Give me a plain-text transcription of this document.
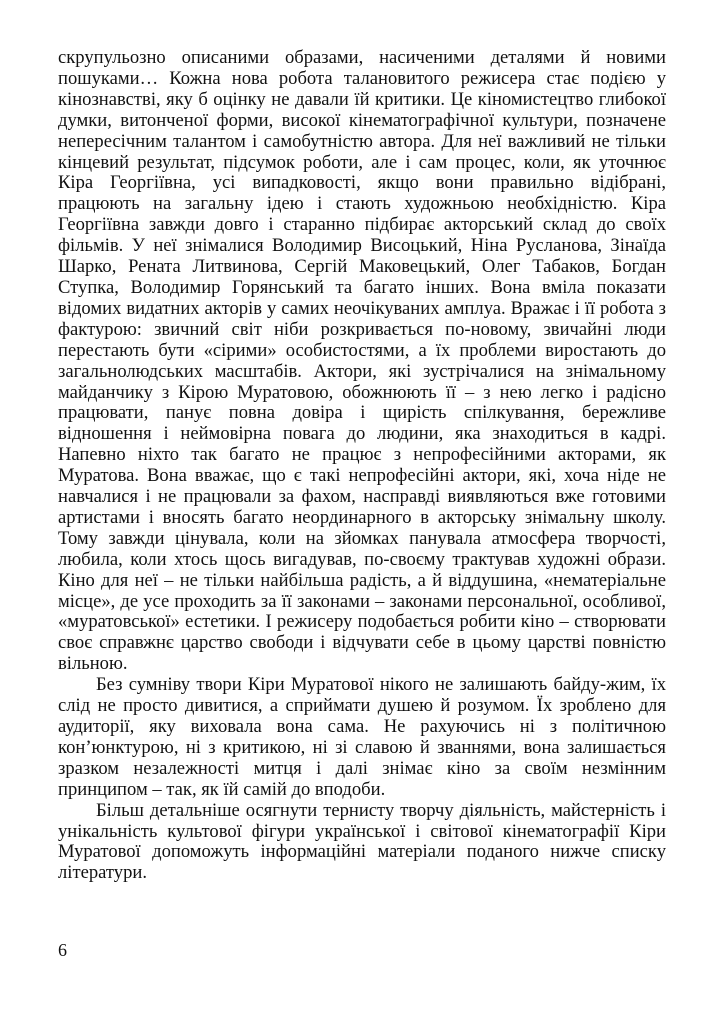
скрупульозно описаними образами, насиченими деталями й новими пошуками… Кожна нова робота талановитого режисера стає подією у кінознавстві, яку б оцінку не давали їй критики. Це кіномистецтво глибокої думки, витонченої форми, високої кінематографічної культури, позначене непересічним талантом і самобутністю автора. Для неї важливий не тільки кінцевий результат, підсумок роботи, але і сам процес, коли, як уточнює Кіра Георгіївна, усі випадковості, якщо вони правильно відібрані, працюють на загальну ідею і стають художньою необхідністю. Кіра Георгіївна завжди довго і старанно підбирає акторський склад до своїх фільмів. У неї знімалися Володимир Висоцький, Ніна Русланова, Зінаїда Шарко, Рената Литвинова, Сергій Маковецький, Олег Табаков, Богдан Ступка, Володимир Горянський та багато інших. Вона вміла показати відомих видатних акторів у самих неочікуваних амплуа. Вражає і її робота з фактурою: звичний світ ніби розкривається по-новому, звичайні люди перестають бути «сірими» особистостями, а їх проблеми виростають до загальнолюдських масштабів. Актори, які зустрічалися на знімальному майданчику з Кірою Муратовою, обожнюють її – з нею легко і радісно працювати, панує повна довіра і щирість спілкування, бережливе відношення і неймовірна повага до людини, яка знаходиться в кадрі. Напевно ніхто так багато не працює з непрофесійними акторами, як Муратова. Вона вважає, що є такі непрофесійні актори, які, хоча ніде не навчалися і не працювали за фахом, насправді виявляються вже готовими артистами і вносять багато неординарного в акторську знімальну школу. Тому завжди цінувала, коли на зйомках панувала атмосфера творчості, любила, коли хтось щось вигадував, по-своєму трактував художні образи. Кіно для неї – не тільки найбільша радість, а й віддушина, «нематеріальне місце», де усе проходить за її законами – законами персональної, особливої, «муратовської» естетики. І режисеру подобається робити кіно – створювати своє справжнє царство свободи і відчувати себе в цьому царстві повністю вільною.

Без сумніву твори Кіри Муратової нікого не залишають байду-жим, їх слід не просто дивитися, а сприймати душею й розумом. Їх зроблено для аудиторії, яку виховала вона сама. Не рахуючись ні з політичною кон’юнктурою, ні з критикою, ні зі славою й званнями, вона залишається зразком незалежності митця і далі знімає кіно за своїм незмінним принципом – так, як їй самій до вподоби.

Більш детальніше осягнути тернисту творчу діяльність, майстерність і унікальність культової фігури української і світової кінематографії Кіри Муратової допоможуть інформаційні матеріали поданого нижче списку літератури.

6
